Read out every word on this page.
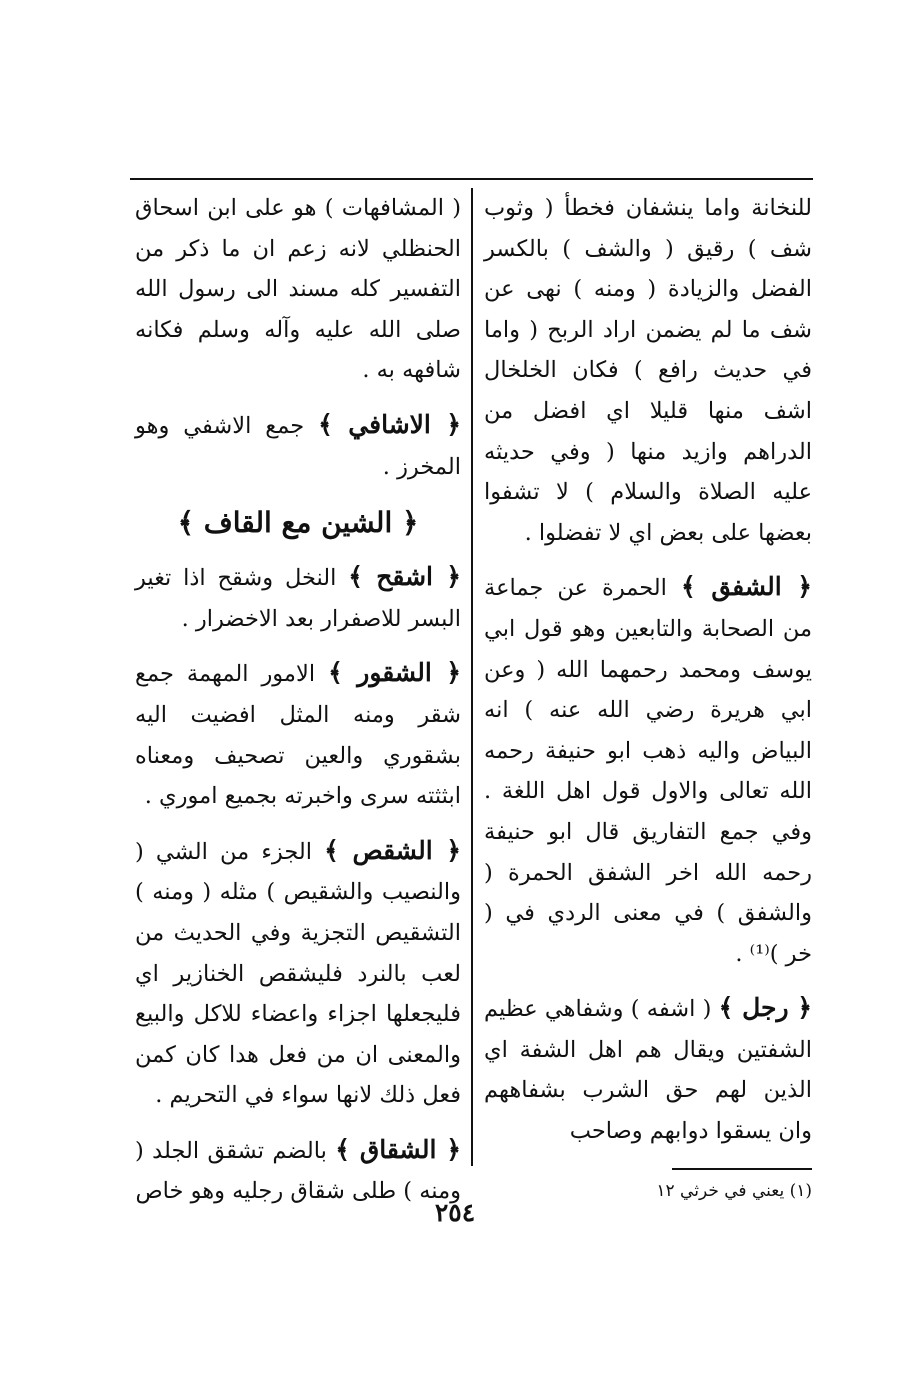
للنخانة واما ينشفان فخطأ ( وثوب شف ) رقيق ( والشف ) بالكسر الفضل والزيادة ( ومنه ) نهى عن شف ما لم يضمن اراد الربح ( واما في حديث رافع ) فكان الخلخال اشف منها قليلا اي افضل من الدراهم وازيد منها ( وفي حديثه عليه الصلاة والسلام ) لا تشفوا بعضها على بعض اي لا تفضلوا .

﴿ الشفق ﴾ الحمرة عن جماعة من الصحابة والتابعين وهو قول ابي يوسف ومحمد رحمهما الله ( وعن ابي هريرة رضي الله عنه ) انه البياض واليه ذهب ابو حنيفة رحمه الله تعالى والاول قول اهل اللغة . وفي جمع التفاريق قال ابو حنيفة رحمه الله اخر الشفق الحمرة ( والشفق ) في معنى الردي في ( خر )⁽¹⁾ .

﴿ رجل ﴾ ( اشفه ) وشفاهي عظيم الشفتين ويقال هم اهل الشفة اي الذين لهم حق الشرب بشفاههم وان يسقوا دوابهم وصاحب

(١) يعني في خرثي ١٢

( المشافهات ) هو على ابن اسحاق الحنظلي لانه زعم ان ما ذكر من التفسير كله مسند الى رسول الله صلى الله عليه وآله وسلم فكانه شافهه به .

﴿ الاشافي ﴾ جمع الاشفي وهو المخرز .

﴿ الشين مع القاف ﴾

﴿ اشقح ﴾ النخل وشقح اذا تغير البسر للاصفرار بعد الاخضرار .

﴿ الشقور ﴾ الامور المهمة جمع شقر ومنه المثل افضيت اليه بشقوري والعين تصحيف ومعناه ابثثته سرى واخبرته بجميع اموري .

﴿ الشقص ﴾ الجزء من الشي ( والنصيب والشقيص ) مثله ( ومنه ) التشقيص التجزية وفي الحديث من لعب بالنرد فليشقص الخنازير اي فليجعلها اجزاء واعضاء للاكل والبيع والمعنى ان من فعل هدا كان كمن فعل ذلك لانها سواء في التحريم .

﴿ الشقاق ﴾ بالضم تشقق الجلد ( ومنه ) طلى شقاق رجليه وهو خاص

٢٥٤
